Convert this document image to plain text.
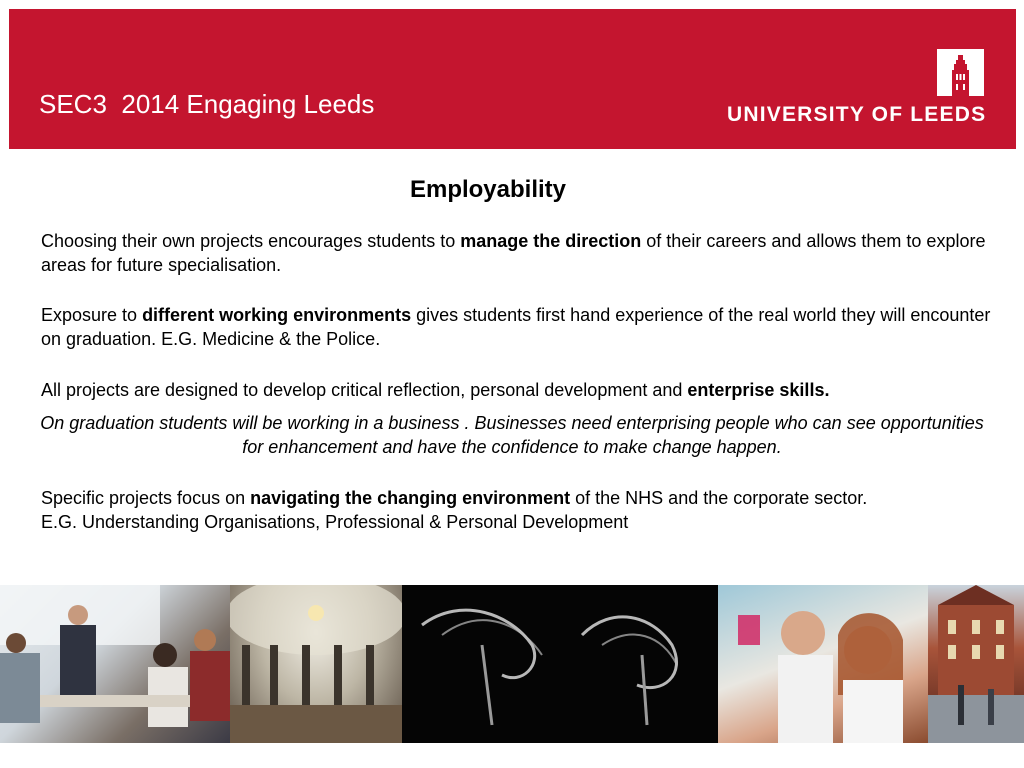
SEC3  2014 Engaging Leeds	UNIVERSITY OF LEEDS
Employability
Choosing their own projects encourages students to manage the direction of their careers and allows them to explore areas for future specialisation.
Exposure to different working environments gives students first hand experience of the real world they will encounter on graduation. E.G. Medicine & the Police.
All projects are designed to develop critical reflection, personal development and enterprise skills.
On graduation students will be working in a business . Businesses need enterprising people who can see opportunities for enhancement and have the confidence to make change happen.
Specific projects focus on navigating the changing environment of the NHS and the corporate sector.
E.G. Understanding Organisations, Professional & Personal Development
